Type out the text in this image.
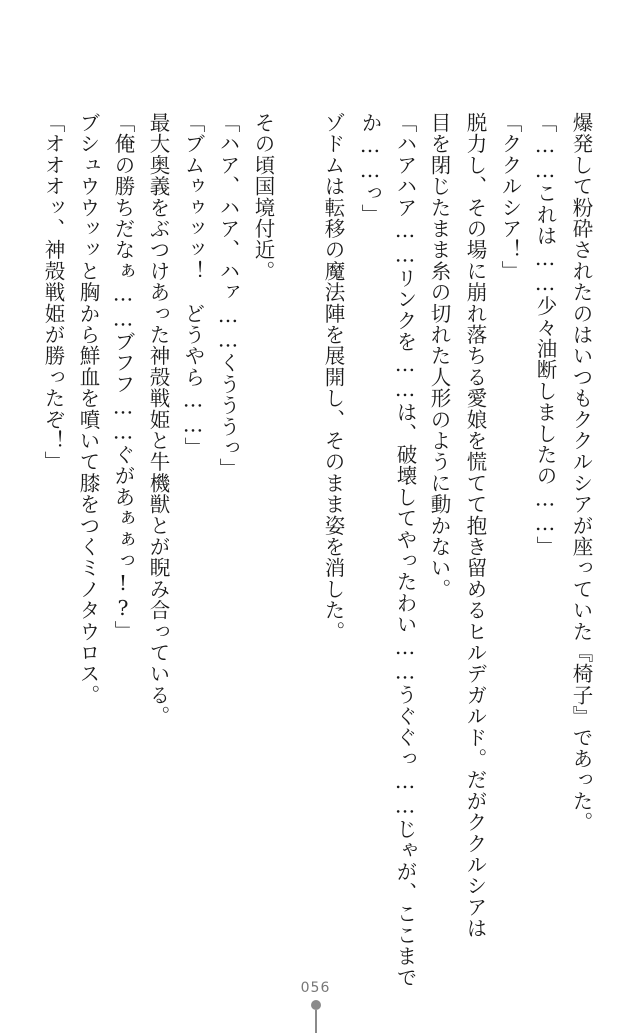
爆発して粉砕されたのはいつもククルシアが座っていた『椅子』であった。
「……これは……少々油断しましたの……」
「ククルシア！」
脱力し、その場に崩れ落ちる愛娘を慌てて抱き留めるヒルデガルド。だがククルシアは
目を閉じたまま糸の切れた人形のように動かない。
「ハアハア……リンクを……は、破壊してやったわい……うぐぐっ……じゃが、ここまで
か……っ」
ゾドムは転移の魔法陣を展開し、そのまま姿を消した。
その頃国境付近。
「ハア、ハア、ハァ……くうううっ」
「ブムゥゥッッ！　どうやら……」
最大奥義をぶつけあった神殻戦姫と牛機獣とが睨み合っている。
「俺の勝ちだなぁ……ブフフ……ぐがあぁぁっ!?」
ブシュウウッッと胸から鮮血を噴いて膝をつくミノタウロス。
「オオオッ、神殻戦姫が勝ったぞ！」
056
